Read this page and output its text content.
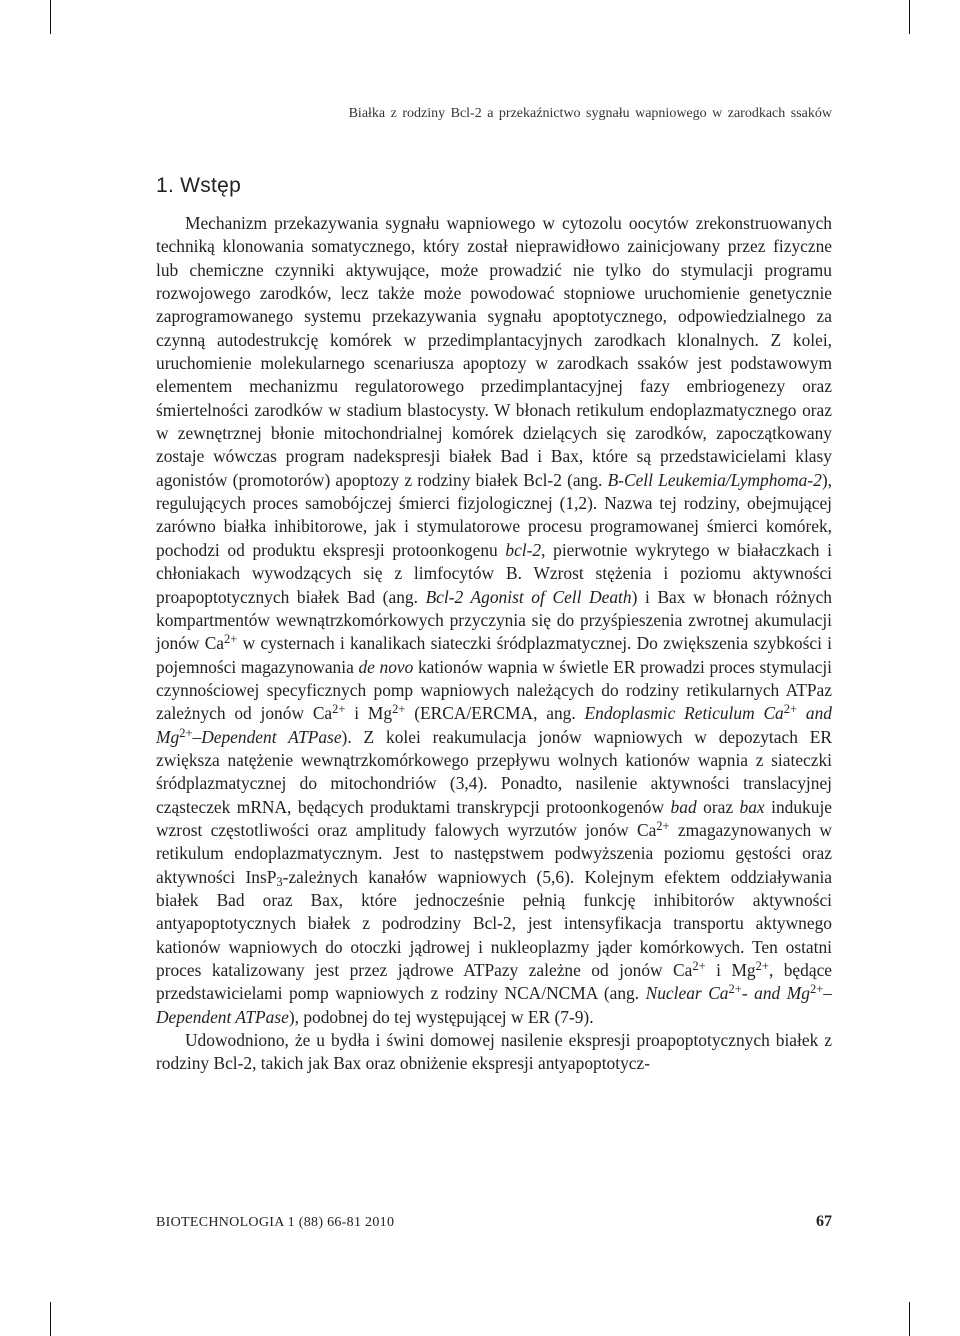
Białka z rodziny Bcl-2 a przekaźnictwo sygnału wapniowego w zarodkach ssaków
1. Wstęp

Mechanizm przekazywania sygnału wapniowego w cytozolu oocytów zrekonstruowanych techniką klonowania somatycznego, który został nieprawidłowo zainicjowany przez fizyczne lub chemiczne czynniki aktywujące, może prowadzić nie tylko do stymulacji programu rozwojowego zarodków, lecz także może powodować stopniowe uruchomienie genetycznie zaprogramowanego systemu przekazywania sygnału apoptotycznego, odpowiedzialnego za czynną autodestrukcję komórek w przedimplantacyjnych zarodkach klonalnych. Z kolei, uruchomienie molekularnego scenariusza apoptozy w zarodkach ssaków jest podstawowym elementem mechanizmu regulatorowego przedimplantacyjnej fazy embriogenezy oraz śmiertelności zarodków w stadium blastocysty. W błonach retikulum endoplazmatycznego oraz w zewnętrznej błonie mitochondrialnej komórek dzielących się zarodków, zapoczątkowany zostaje wówczas program nadekspresji białek Bad i Bax, które są przedstawicielami klasy agonistów (promotorów) apoptozy z rodziny białek Bcl-2 (ang. B-Cell Leukemia/Lymphoma-2), regulujących proces samobójczej śmierci fizjologicznej (1,2). Nazwa tej rodziny, obejmującej zarówno białka inhibitorowe, jak i stymulatorowe procesu programowanej śmierci komórek, pochodzi od produktu ekspresji protoonkogenu bcl-2, pierwotnie wykrytego w białaczkach i chłoniakach wywodzących się z limfocytów B. Wzrost stężenia i poziomu aktywności proapoptotycznych białek Bad (ang. Bcl-2 Agonist of Cell Death) i Bax w błonach różnych kompartmentów wewnątrzkomórkowych przyczynia się do przyśpieszenia zwrotnej akumulacji jonów $Ca^{2+}$ w cysternach i kanalikach siateczki śródplazmatycznej. Do zwiększenia szybkości i pojemności magazynowania de novo kationów wapnia w świetle ER prowadzi proces stymulacji czynnościowej specyficznych pomp wapniowych należących do rodziny retikularnych ATPaz zależnych od jonów $Ca^{2+}$ i $Mg^{2+}$ (ERCA/ERCMA, ang. Endoplasmic Reticulum $Ca^{2+}$ and $Mg^{2+}$–Dependent ATPase). Z kolei reakumulacja jonów wapniowych w depozytach ER zwiększa natężenie wewnątrzkomórkowego przepływu wolnych kationów wapnia z siateczki śródplazmatycznej do mitochondriów (3,4). Ponadto, nasilenie aktywności translacyjnej cząsteczek mRNA, będących produktami transkrypcji protoonkogenów bad oraz bax indukuje wzrost częstotliwości oraz amplitudy falowych wyrzutów jonów $Ca^{2+}$ zmagazynowanych w retikulum endoplazmatycznym. Jest to następstwem podwyższenia poziomu gęstości oraz aktywności InsP$_3$-zależnych kanałów wapniowych (5,6). Kolejnym efektem oddziaływania białek Bad oraz Bax, które jednocześnie pełnią funkcję inhibitorów aktywności antyapoptotycznych białek z podrodziny Bcl-2, jest intensyfikacja transportu aktywnego kationów wapniowych do otoczki jądrowej i nukleoplazmy jąder komórkowych. Ten ostatni proces katalizowany jest przez jądrowe ATPazy zależne od jonów $Ca^{2+}$ i $Mg^{2+}$, będące przedstawicielami pomp wapniowych z rodziny NCA/NCMA (ang. Nuclear $Ca^{2+}-$ and $Mg^{2+}$–Dependent ATPase), podobnej do tej występującej w ER (7-9).

Udowodniono, że u bydła i świni domowej nasilenie ekspresji proapoptotycznych białek z rodziny Bcl-2, takich jak Bax oraz obniżenie ekspresji antyapoptotycz-

BIOTECHNOLOGIA 1 (88) 66-81 2010	67
